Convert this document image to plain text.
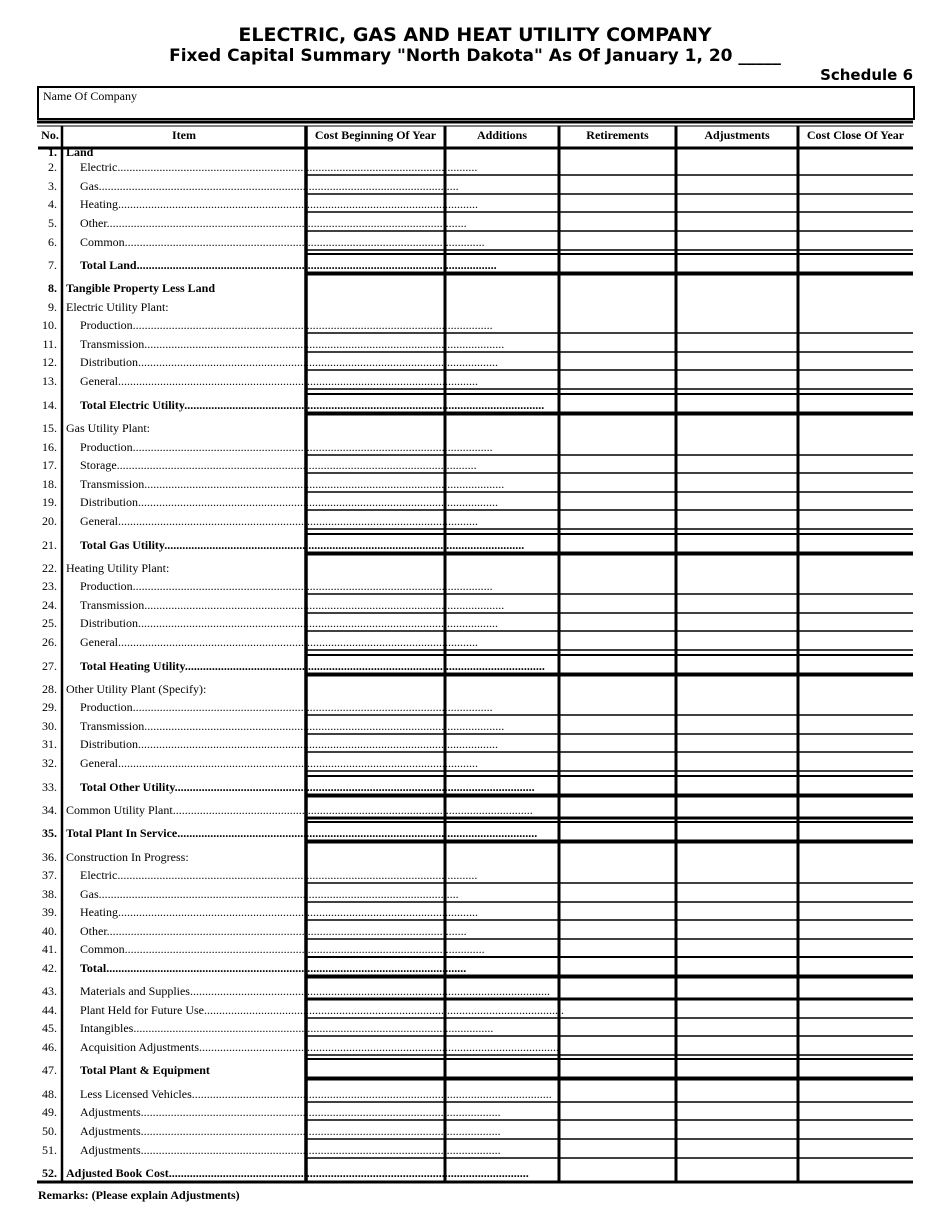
ELECTRIC, GAS AND HEAT UTILITY COMPANY
Fixed Capital Summary "North Dakota" As Of January 1, 20 _____
Schedule 6
Name Of Company
No.	Item	Cost Beginning Of Year	Additions	Retirements	Adjustments	Cost Close Of Year
1. Land
2. Electric........................................................................................................................
3. Gas........................................................................................................................
4. Heating........................................................................................................................
5. Other........................................................................................................................
6. Common........................................................................................................................
7. Total Land........................................................................................................................
8. Tangible Property Less Land
9. Electric Utility Plant:
10. Production........................................................................................................................
11. Transmission........................................................................................................................
12. Distribution........................................................................................................................
13. General........................................................................................................................
14. Total Electric Utility........................................................................................................................
15. Gas Utility Plant:
16. Production........................................................................................................................
17. Storage........................................................................................................................
18. Transmission........................................................................................................................
19. Distribution........................................................................................................................
20. General........................................................................................................................
21. Total Gas Utility........................................................................................................................
22. Heating Utility Plant:
23. Production........................................................................................................................
24. Transmission........................................................................................................................
25. Distribution........................................................................................................................
26. General........................................................................................................................
27. Total Heating Utility........................................................................................................................
28. Other Utility Plant (Specify):
29. Production........................................................................................................................
30. Transmission........................................................................................................................
31. Distribution........................................................................................................................
32. General........................................................................................................................
33. Total Other Utility........................................................................................................................
34. Common Utility Plant........................................................................................................................
35. Total Plant In Service........................................................................................................................
36. Construction In Progress:
37. Electric........................................................................................................................
38. Gas........................................................................................................................
39. Heating........................................................................................................................
40. Other........................................................................................................................
41. Common........................................................................................................................
42. Total........................................................................................................................
43. Materials and Supplies........................................................................................................................
44. Plant Held for Future Use........................................................................................................................
45. Intangibles........................................................................................................................
46. Acquisition Adjustments........................................................................................................................
47. Total Plant & Equipment
48. Less Licensed Vehicles........................................................................................................................
49. Adjustments........................................................................................................................
50. Adjustments........................................................................................................................
51. Adjustments........................................................................................................................
52. Adjusted Book Cost........................................................................................................................
Remarks: (Please explain Adjustments)
